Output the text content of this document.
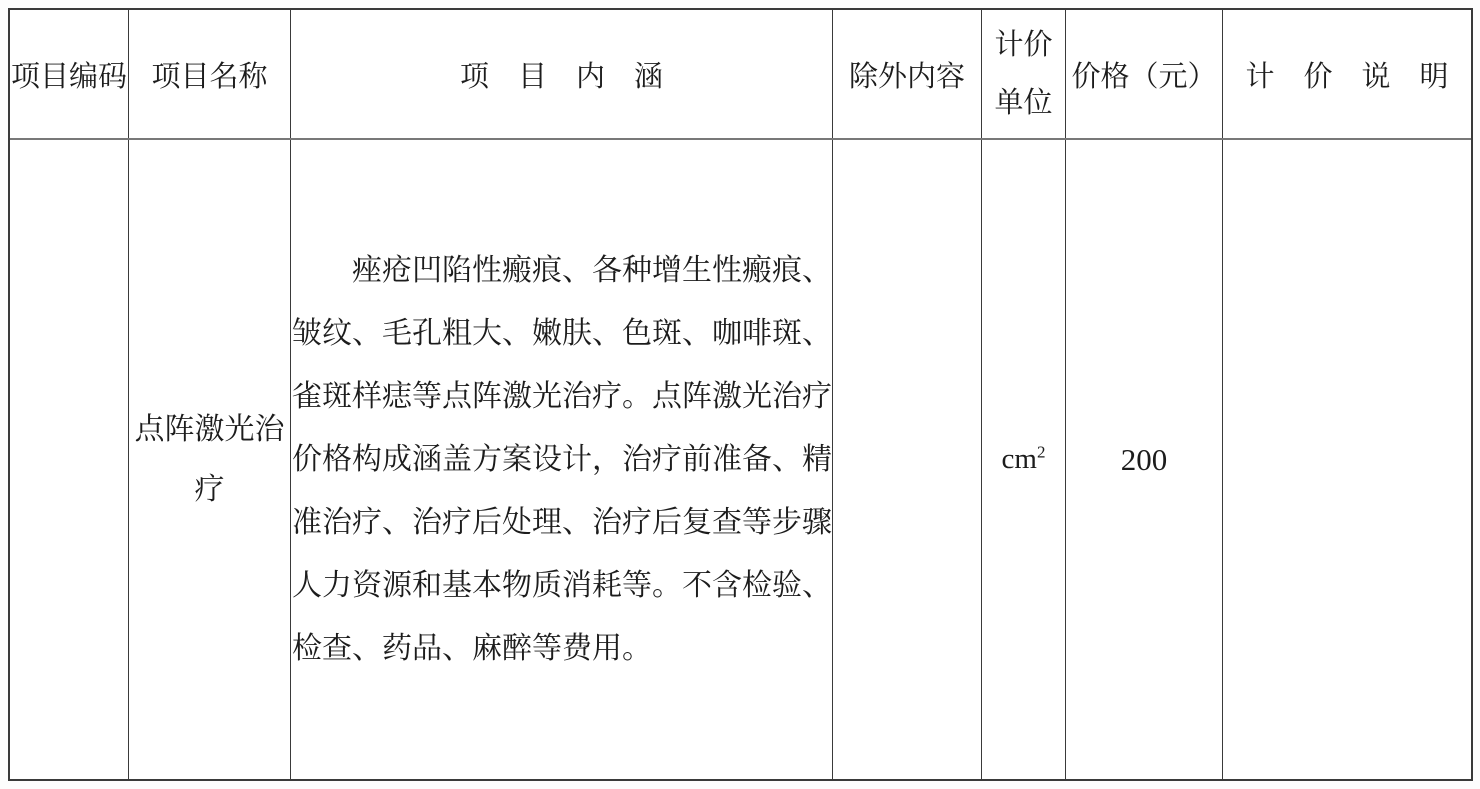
项目编码 项目名称	项　目　内　涵	除外内容
计价
单位
价格（元） 计　价　说　明
点阵激光治疗
痤疮凹陷性瘢痕、各种增生性瘢痕、
皱纹、毛孔粗大、嫩肤、色斑、咖啡斑、
雀斑样痣等点阵激光治疗。点阵激光治疗
价格构成涵盖方案设计，治疗前准备、精
准治疗、治疗后处理、治疗后复查等步骤
人力资源和基本物质消耗等。不含检验、
检查、药品、麻醉等费用。
$cm^2$ 200
